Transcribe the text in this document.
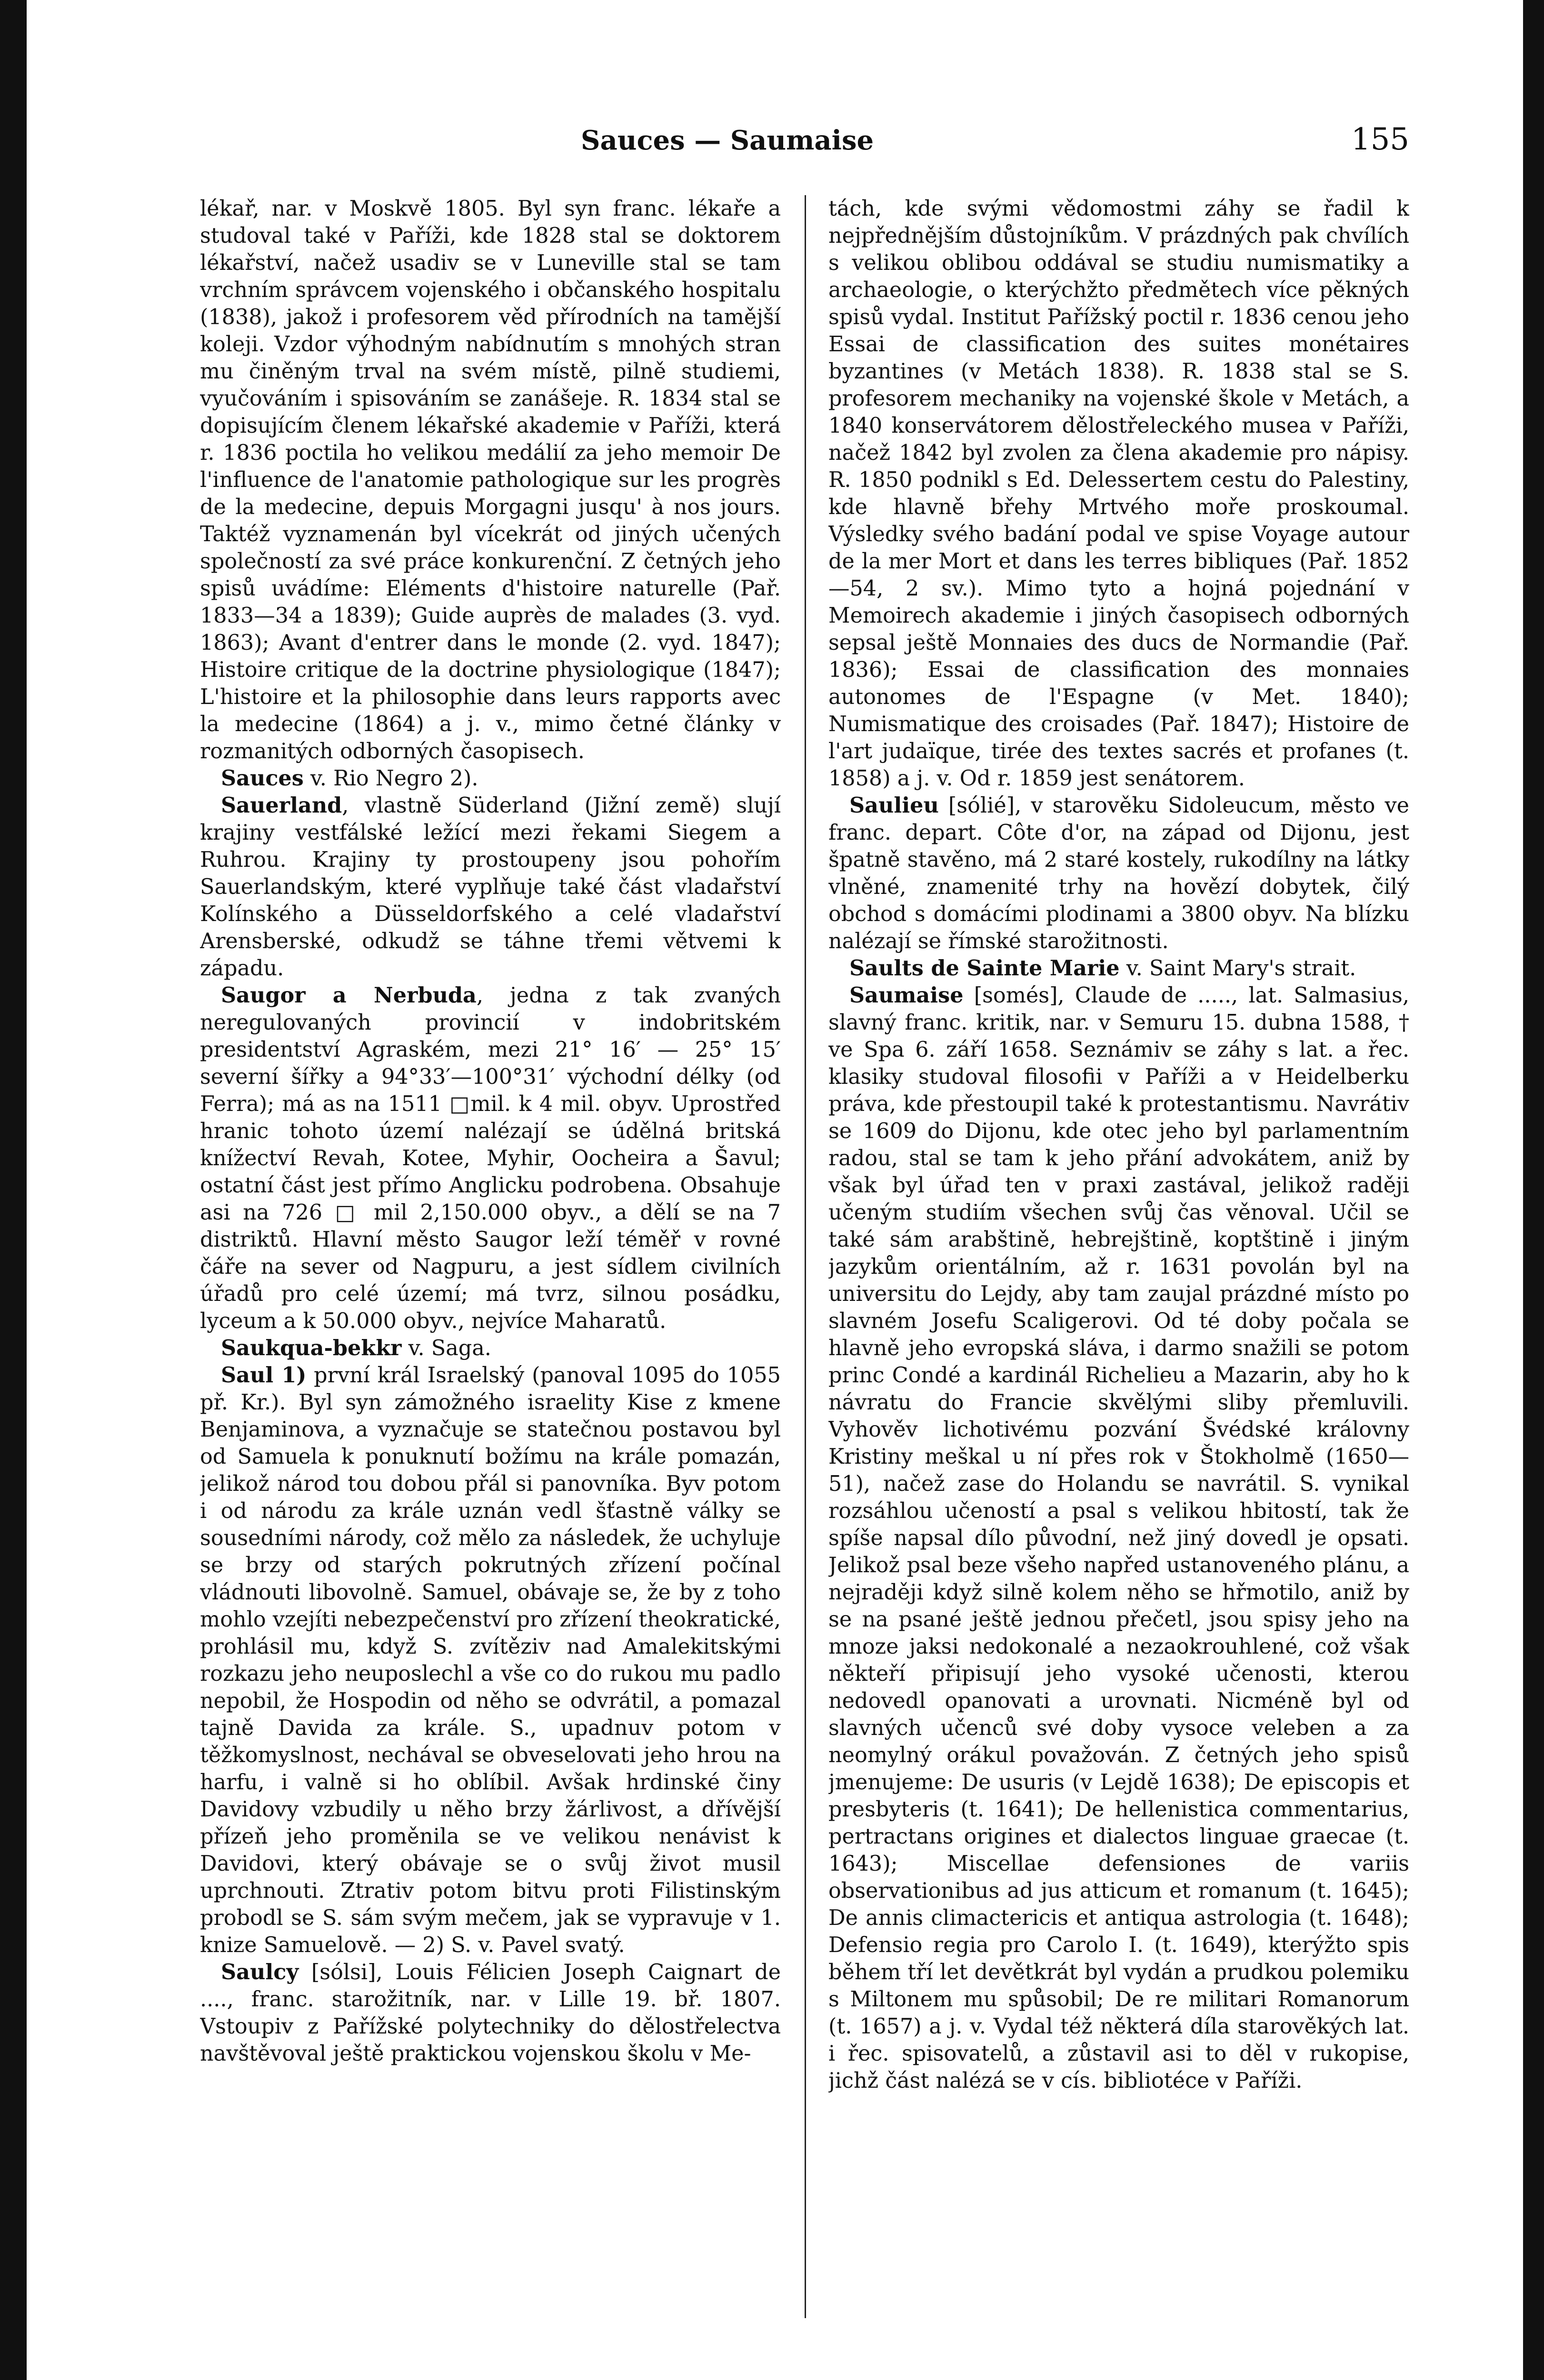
Sauces — Saumaise	155

lékař, nar. v Moskvě 1805. Byl syn franc. lékaře a studoval také v Paříži, kde 1828 stal se doktorem lékařství, načež usadiv se v Luneville stal se tam vrchním správcem vojenského i občanského hospitalu (1838), jakož i profesorem věd přírodních na tamější koleji. Vzdor výhodným nabídnutím s mnohých stran mu činěným trval na svém místě, pilně studiemi, vyučováním i spisováním se zanášeje. R. 1834 stal se dopisujícím členem lékařské akademie v Paříži, která r. 1836 poctila ho velikou medálií za jeho memoir De l'influence de l'anatomie pathologique sur les progrès de la medecine, depuis Morgagni jusqu' à nos jours. Taktéž vyznamenán byl vícekrát od jiných učených společností za své práce konkurenční. Z četných jeho spisů uvádíme: Eléments d'histoire naturelle (Pař. 1833—34 a 1839); Guide auprès de malades (3. vyd. 1863); Avant d'entrer dans le monde (2. vyd. 1847); Histoire critique de la doctrine physiologique (1847); L'histoire et la philosophie dans leurs rapports avec la medecine (1864) a j. v., mimo četné články v rozmanitých odborných časopisech.

Sauces v. Rio Negro 2).

Sauerland, vlastně Süderland (Jižní země) slují krajiny vestfálské ležící mezi řekami Siegem a Ruhrou. Krajiny ty prostoupeny jsou pohořím Sauerlandským, které vyplňuje také část vladařství Kolínského a Düsseldorfského a celé vladařství Arensberské, odkudž se táhne třemi větvemi k západu.

Saugor a Nerbuda, jedna z tak zvaných neregulovaných provincií v indobritském presidentství Agraském, mezi 21° 16′ — 25° 15′ severní šířky a 94°33′—100°31′ východní délky (od Ferra); má as na 1511 □mil. k 4 mil. obyv. Uprostřed hranic tohoto území nalézají se údělná britská knížectví Revah, Kotee, Myhir, Oocheira a Šavul; ostatní část jest přímo Anglicku podrobena. Obsahuje asi na 726 □ mil 2,150.000 obyv., a dělí se na 7 distriktů. Hlavní město Saugor leží téměř v rovné čáře na sever od Nagpuru, a jest sídlem civilních úřadů pro celé území; má tvrz, silnou posádku, lyceum a k 50.000 obyv., nejvíce Maharatů.

Saukqua-bekkr v. Saga.

Saul 1) první král Israelský (panoval 1095 do 1055 př. Kr.). Byl syn zámožného israelity Kise z kmene Benjaminova, a vyznačuje se statečnou postavou byl od Samuela k ponuknutí božímu na krále pomazán, jelikož národ tou dobou přál si panovníka. Byv potom i od národu za krále uznán vedl šťastně války se sousedními národy, což mělo za následek, že uchyluje se brzy od starých pokrutných zřízení počínal vládnouti libovolně. Samuel, obávaje se, že by z toho mohlo vzejíti nebezpečenství pro zřízení theokratické, prohlásil mu, když S. zvítěziv nad Amalekitskými rozkazu jeho neuposlechl a vše co do rukou mu padlo nepobil, že Hospodin od něho se odvrátil, a pomazal tajně Davida za krále. S., upadnuv potom v těžkomyslnost, nechával se obveselovati jeho hrou na harfu, i valně si ho oblíbil. Avšak hrdinské činy Davidovy vzbudily u něho brzy žárlivost, a dřívější přízeň jeho proměnila se ve velikou nenávist k Davidovi, který obávaje se o svůj život musil uprchnouti. Ztrativ potom bitvu proti Filistinským probodl se S. sám svým mečem, jak se vypravuje v 1. knize Samuelově. — 2) S. v. Pavel svatý.

Saulcy [sólsi], Louis Félicien Joseph Caignart de ...., franc. starožitník, nar. v Lille 19. bř. 1807. Vstoupiv z Pařížské polytechniky do dělostřelectva navštěvoval ještě praktickou vojenskou školu v Me-

tách, kde svými vědomostmi záhy se řadil k nejpřednějším důstojníkům. V prázdných pak chvílích s velikou oblibou oddával se studiu numismatiky a archaeologie, o kterýchžto předmětech více pěkných spisů vydal. Institut Pařížský poctil r. 1836 cenou jeho Essai de classification des suites monétaires byzantines (v Metách 1838). R. 1838 stal se S. profesorem mechaniky na vojenské škole v Metách, a 1840 konservátorem dělostřeleckého musea v Paříži, načež 1842 byl zvolen za člena akademie pro nápisy. R. 1850 podnikl s Ed. Delessertem cestu do Palestiny, kde hlavně břehy Mrtvého moře proskoumal. Výsledky svého badání podal ve spise Voyage autour de la mer Mort et dans les terres bibliques (Pař. 1852—54, 2 sv.). Mimo tyto a hojná pojednání v Memoirech akademie i jiných časopisech odborných sepsal ještě Monnaies des ducs de Normandie (Pař. 1836); Essai de classification des monnaies autonomes de l'Espagne (v Met. 1840); Numismatique des croisades (Pař. 1847); Histoire de l'art judaïque, tirée des textes sacrés et profanes (t. 1858) a j. v. Od r. 1859 jest senátorem.

Saulieu [sólié], v starověku Sidoleucum, město ve franc. depart. Côte d'or, na západ od Dijonu, jest špatně stavěno, má 2 staré kostely, rukodílny na látky vlněné, znamenité trhy na hovězí dobytek, čilý obchod s domácími plodinami a 3800 obyv. Na blízku nalézají se římské starožitnosti.

Saults de Sainte Marie v. Saint Mary's strait.

Saumaise [somés], Claude de ....., lat. Salmasius, slavný franc. kritik, nar. v Semuru 15. dubna 1588, † ve Spa 6. září 1658. Seznámiv se záhy s lat. a řec. klasiky studoval filosofii v Paříži a v Heidelberku práva, kde přestoupil také k protestantismu. Navrátiv se 1609 do Dijonu, kde otec jeho byl parlamentním radou, stal se tam k jeho přání advokátem, aniž by však byl úřad ten v praxi zastával, jelikož raději učeným studiím všechen svůj čas věnoval. Učil se také sám arabštině, hebrejštině, koptštině i jiným jazykům orientálním, až r. 1631 povolán byl na universitu do Lejdy, aby tam zaujal prázdné místo po slavném Josefu Scaligerovi. Od té doby počala se hlavně jeho evropská sláva, i darmo snažili se potom princ Condé a kardinál Richelieu a Mazarin, aby ho k návratu do Francie skvělými sliby přemluvili. Vyhověv lichotivému pozvání Švédské královny Kristiny meškal u ní přes rok v Štokholmě (1650—51), načež zase do Holandu se navrátil. S. vynikal rozsáhlou učeností a psal s velikou hbitostí, tak že spíše napsal dílo původní, než jiný dovedl je opsati. Jelikož psal beze všeho napřed ustanoveného plánu, a nejraději když silně kolem něho se hřmotilo, aniž by se na psané ještě jednou přečetl, jsou spisy jeho na mnoze jaksi nedokonalé a nezaokrouhlené, což však někteří připisují jeho vysoké učenosti, kterou nedovedl opanovati a urovnati. Nicméně byl od slavných učenců své doby vysoce veleben a za neomylný orákul považován. Z četných jeho spisů jmenujeme: De usuris (v Lejdě 1638); De episcopis et presbyteris (t. 1641); De hellenistica commentarius, pertractans origines et dialectos linguae graecae (t. 1643); Miscellae defensiones de variis observationibus ad jus atticum et romanum (t. 1645); De annis climactericis et antiqua astrologia (t. 1648); Defensio regia pro Carolo I. (t. 1649), kterýžto spis během tří let devětkrát byl vydán a prudkou polemiku s Miltonem mu spůsobil; De re militari Romanorum (t. 1657) a j. v. Vydal též některá díla starověkých lat. i řec. spisovatelů, a zůstavil asi to děl v rukopise, jichž část nalézá se v cís. bibliotéce v Paříži.
